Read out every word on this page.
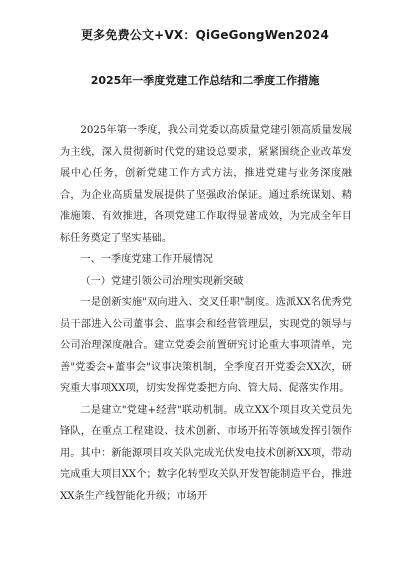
更多免费公文+VX：QiGeGongWen2024
2025年一季度党建工作总结和二季度工作措施

2025年第一季度，我公司党委以高质量党建引领高质量发展为主线，深入贯彻新时代党的建设总要求，紧紧围绕企业改革发展中心任务，创新党建工作方式方法，推进党建与业务深度融合，为企业高质量发展提供了坚强政治保证。通过系统谋划、精准施策、有效推进，各项党建工作取得显著成效，为完成全年目标任务奠定了坚实基础。

一、一季度党建工作开展情况

（一）党建引领公司治理实现新突破

一是创新实施"双向进入、交叉任职"制度。选派XX名优秀党员干部进入公司董事会、监事会和经营管理层，实现党的领导与公司治理深度融合。建立党委会前置研究讨论重大事项清单，完善"党委会+董事会"议事决策机制，全季度召开党委会XX次，研究重大事项XX项，切实发挥党委把方向、管大局、促落实作用。

二是建立"党建+经营"联动机制。成立XX个项目攻关党员先锋队，在重点工程建设、技术创新、市场开拓等领域发挥引领作用。其中：新能源项目攻关队完成光伏发电技术创新XX项，带动完成重大项目XX个；数字化转型攻关队开发智能制造平台，推进XX条生产线智能化升级；市场开
